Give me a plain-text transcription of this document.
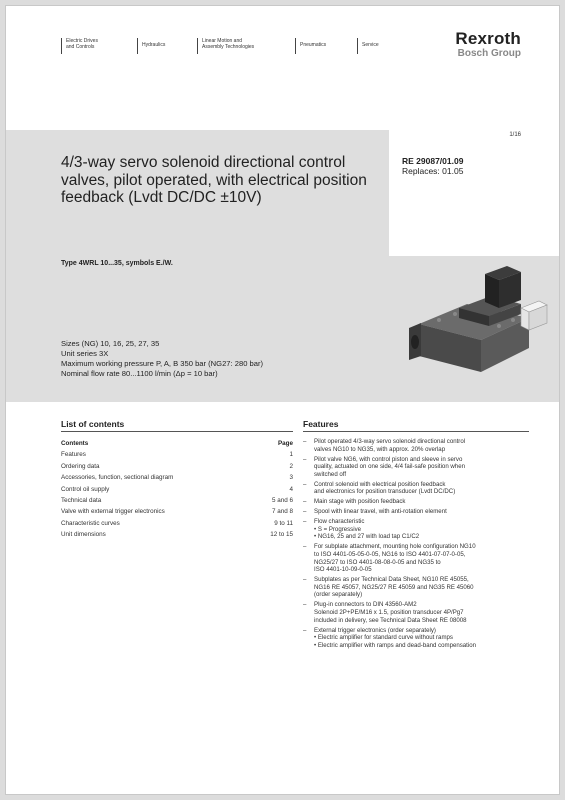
Electric Drives
and Controls	Hydraulics
Linear Motion and
Assembly Technologies	Pneumatics	Service	Rexroth
Bosch Group
1/16
RE 29087/01.09
Replaces: 01.05
4/3-way servo solenoid directional control valves, pilot operated, with electrical position feedback (Lvdt DC/DC ±10V)
Type 4WRL 10...35, symbols E./W.
Sizes (NG) 10, 16, 25, 27, 35
Unit series 3X
Maximum working pressure P, A, B 350 bar (NG27: 280 bar)
Nominal flow rate 80...1100 l/min (Δp = 10 bar)
List of contents
Contents	Page
Features	1
Ordering data	2
Accessories, function, sectional diagram	3
Control oil supply	4
Technical data	5 and 6
Valve with external trigger electronics	7 and 8
Characteristic curves	9 to 11
Unit dimensions	12 to 15
Features
– Pilot operated 4/3-way servo solenoid directional control
valves NG10 to NG35, with approx. 20% overlap
– Pilot valve NG6, with control piston and sleeve in servo
quality, actuated on one side, 4/4 fail-safe position when
switched off
– Control solenoid with electrical position feedback
and electronics for position transducer (Lvdt DC/DC)
– Main stage with position feedback
– Spool with linear travel, with anti-rotation element
– Flow characteristic
• S = Progressive
• NG16, 25 and 27 with load tap C1/C2
– For subplate attachment, mounting hole configuration NG10
to ISO 4401-05-05-0-05, NG16 to ISO 4401-07-07-0-05,
NG25/27 to ISO 4401-08-08-0-05 and NG35 to
ISO 4401-10-09-0-05
– Subplates as per Technical Data Sheet, NG10 RE 45055,
NG16 RE 45057, NG25/27 RE 45059 and NG35 RE 45060
(order separately)
– Plug-in connectors to DIN 43560-AM2
Solenoid 2P+PE/M16 x 1.5, position transducer 4P/Pg7
included in delivery, see Technical Data Sheet RE 08008
– External trigger electronics (order separately)
• Electric amplifier for standard curve without ramps
• Electric amplifier with ramps and dead-band compensation
